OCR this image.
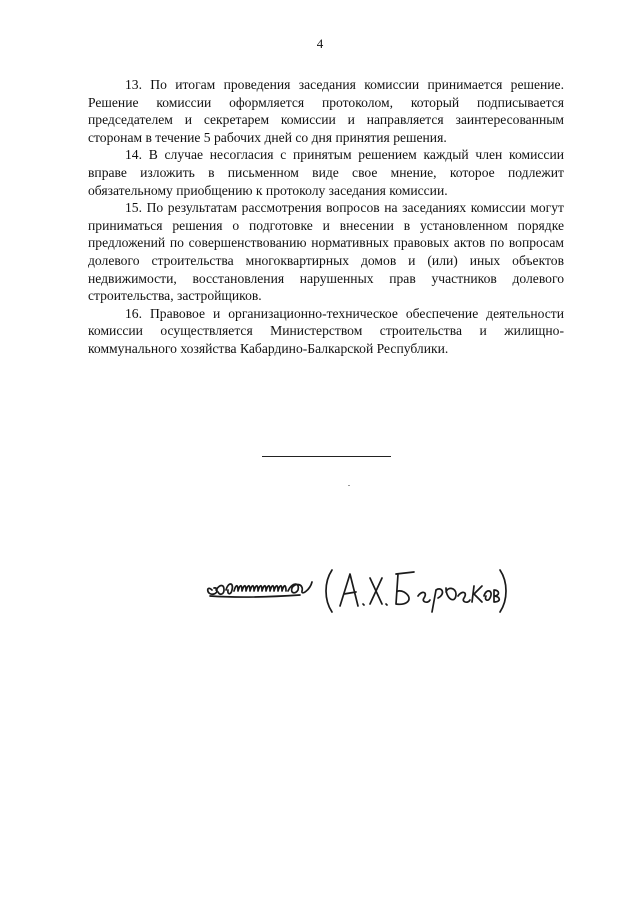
4

13. По итогам проведения заседания комиссии принимается решение. Решение комиссии оформляется протоколом, который подписывается председателем и секретарем комиссии и направляется заинтересованным сторонам в течение 5 рабочих дней со дня принятия решения.

14. В случае несогласия с принятым решением каждый член комиссии вправе изложить в письменном виде свое мнение, которое подлежит обязательному приобщению к протоколу заседания комиссии.

15. По результатам рассмотрения вопросов на заседаниях комиссии могут приниматься решения о подготовке и внесении в установленном порядке предложений по совершенствованию нормативных правовых актов по вопросам долевого строительства многоквартирных домов и (или) иных объектов недвижимости, восстановления нарушенных прав участников долевого строительства, застройщиков.

16. Правовое и организационно-техническое обеспечение деятельности комиссии осуществляется Министерством строительства и жилищно-коммунального хозяйства Кабардино-Балкарской Республики.
